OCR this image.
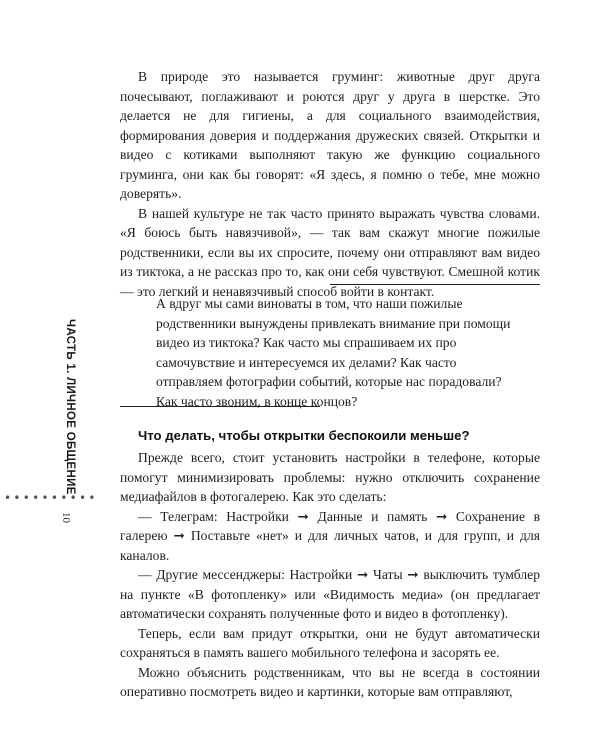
ЧАСТЬ 1. ЛИЧНОЕ ОБЩЕНИЕ
••••••••••
10

В природе это называется груминг: животные друг друга почесывают, поглаживают и роются друг у друга в шерстке. Это делается не для гигиены, а для социального взаимодействия, формирования доверия и поддержания дружеских связей. Открытки и видео с котиками выполняют такую же функцию социального груминга, они как бы говорят: «Я здесь, я помню о тебе, мне можно доверять».

В нашей культуре не так часто принято выражать чувства словами. «Я боюсь быть навязчивой», — так вам скажут многие пожилые родственники, если вы их спросите, почему они отправляют вам видео из тиктока, а не рассказ про то, как они себя чувствуют. Смешной котик — это легкий и ненавязчивый способ войти в контакт.

А вдруг мы сами виноваты в том, что наши пожилые родственники вынуждены привлекать внимание при помощи видео из тиктока? Как часто мы спрашиваем их про самочувствие и интересуемся их делами? Как часто отправляем фотографии событий, которые нас порадовали? Как часто звоним, в конце концов?
Что делать, чтобы открытки беспокоили меньше?

Прежде всего, стоит установить настройки в телефоне, которые помогут минимизировать проблемы: нужно отключить сохранение медиафайлов в фотогалерею. Как это сделать:

— Телеграм: Настройки ➞ Данные и память ➞ Сохранение в галерею ➞ Поставьте «нет» и для личных чатов, и для групп, и для каналов.

— Другие мессенджеры: Настройки ➞ Чаты ➞ выключить тумблер на пункте «В фотопленку» или «Видимость медиа» (он предлагает автоматически сохранять полученные фото и видео в фотопленку).

Теперь, если вам придут открытки, они не будут автоматически сохраняться в память вашего мобильного телефона и засорять ее.

Можно объяснить родственникам, что вы не всегда в состоянии оперативно посмотреть видео и картинки, которые вам отправляют,
